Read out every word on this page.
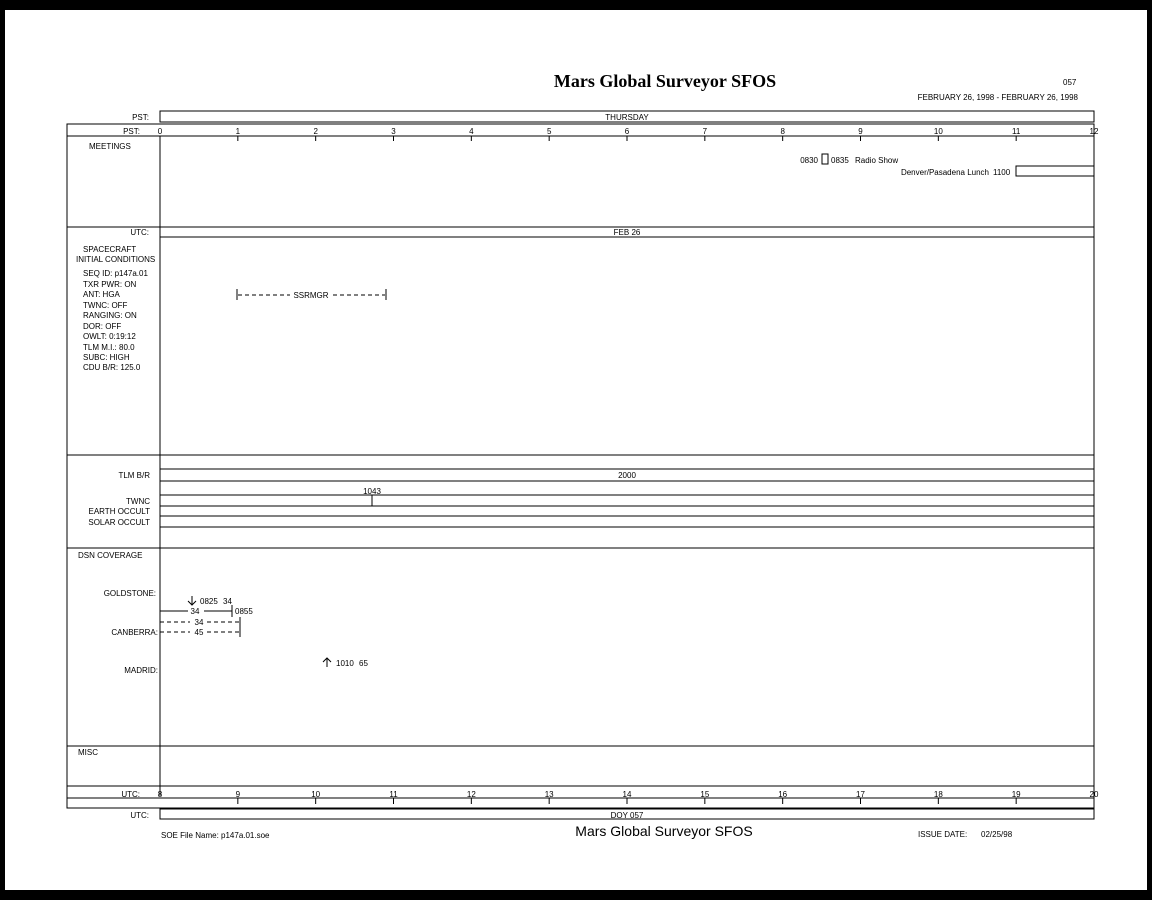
Mars Global Surveyor SFOS	057
FEBRUARY 26, 1998 - FEBRUARY 26, 1998
PST:	THURSDAY
PST: 0	1	2	3	4	5	6	7	8	9	10	11	12
MEETINGS
0830 0835 Radio Show
Denver/Pasadena Lunch 1100
UTC:	FEB 26
SPACECRAFT
INITIAL CONDITIONS
SEQ ID: p147a.01
TXR PWR: ON
ANT: HGA
TWNC: OFF
RANGING: ON
DOR: OFF
OWLT: 0:19:12
TLM M.I.: 80.0
SUBC: HIGH
CDU B/R: 125.0
SSRMGR
TLM B/R	2000
1043
TWNC
EARTH OCCULT
SOLAR OCCULT
DSN COVERAGE
GOLDSTONE:
0825 34
34	0855
34
45
CANBERRA:
MADRID:
1010 65
MISC
UTC: 8	9	10	11	12	13	14	15	16	17	18	19	20
UTC:	DOY 057
SOE File Name: p147a.01.soe	Mars Global Surveyor SFOS	ISSUE DATE: 02/25/98
